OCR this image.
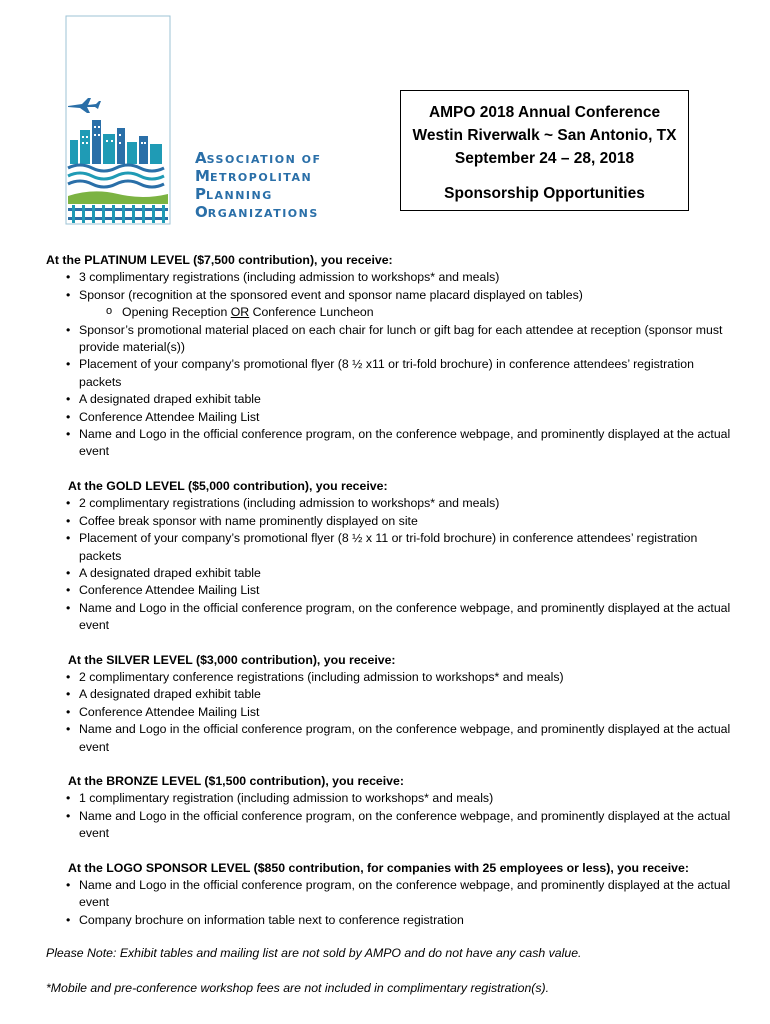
ASSOCIATION OF
METROPOLITAN
PLANNING
ORGANIZATIONS
AMPO 2018 Annual Conference
Westin Riverwalk ~ San Antonio, TX
September 24 – 28, 2018
Sponsorship Opportunities
At the PLATINUM LEVEL ($7,500 contribution), you receive:
• 3 complimentary registrations (including admission to workshops* and meals)
• Sponsor (recognition at the sponsored event and sponsor name placard displayed on tables)
o Opening Reception OR Conference Luncheon
• Sponsor’s promotional material placed on each chair for lunch or gift bag for each attendee at reception (sponsor must provide material(s))
• Placement of your company’s promotional flyer (8 ½ x11 or tri-fold brochure) in conference attendees’ registration packets
• A designated draped exhibit table
• Conference Attendee Mailing List
• Name and Logo in the official conference program, on the conference webpage, and prominently displayed at the actual event
At the GOLD LEVEL ($5,000 contribution), you receive:
• 2 complimentary registrations (including admission to workshops* and meals)
• Coffee break sponsor with name prominently displayed on site
• Placement of your company’s promotional flyer (8 ½ x 11 or tri-fold brochure) in conference attendees’ registration packets
• A designated draped exhibit table
• Conference Attendee Mailing List
• Name and Logo in the official conference program, on the conference webpage, and prominently displayed at the actual event
At the SILVER LEVEL ($3,000 contribution), you receive:
• 2 complimentary conference registrations (including admission to workshops* and meals)
• A designated draped exhibit table
• Conference Attendee Mailing List
• Name and Logo in the official conference program, on the conference webpage, and prominently displayed at the actual event
At the BRONZE LEVEL ($1,500 contribution), you receive:
• 1 complimentary registration (including admission to workshops* and meals)
• Name and Logo in the official conference program, on the conference webpage, and prominently displayed at the actual event
At the LOGO SPONSOR LEVEL ($850 contribution, for companies with 25 employees or less), you receive:
• Name and Logo in the official conference program, on the conference webpage, and prominently displayed at the actual event
• Company brochure on information table next to conference registration
Please Note: Exhibit tables and mailing list are not sold by AMPO and do not have any cash value.
*Mobile and pre-conference workshop fees are not included in complimentary registration(s).
